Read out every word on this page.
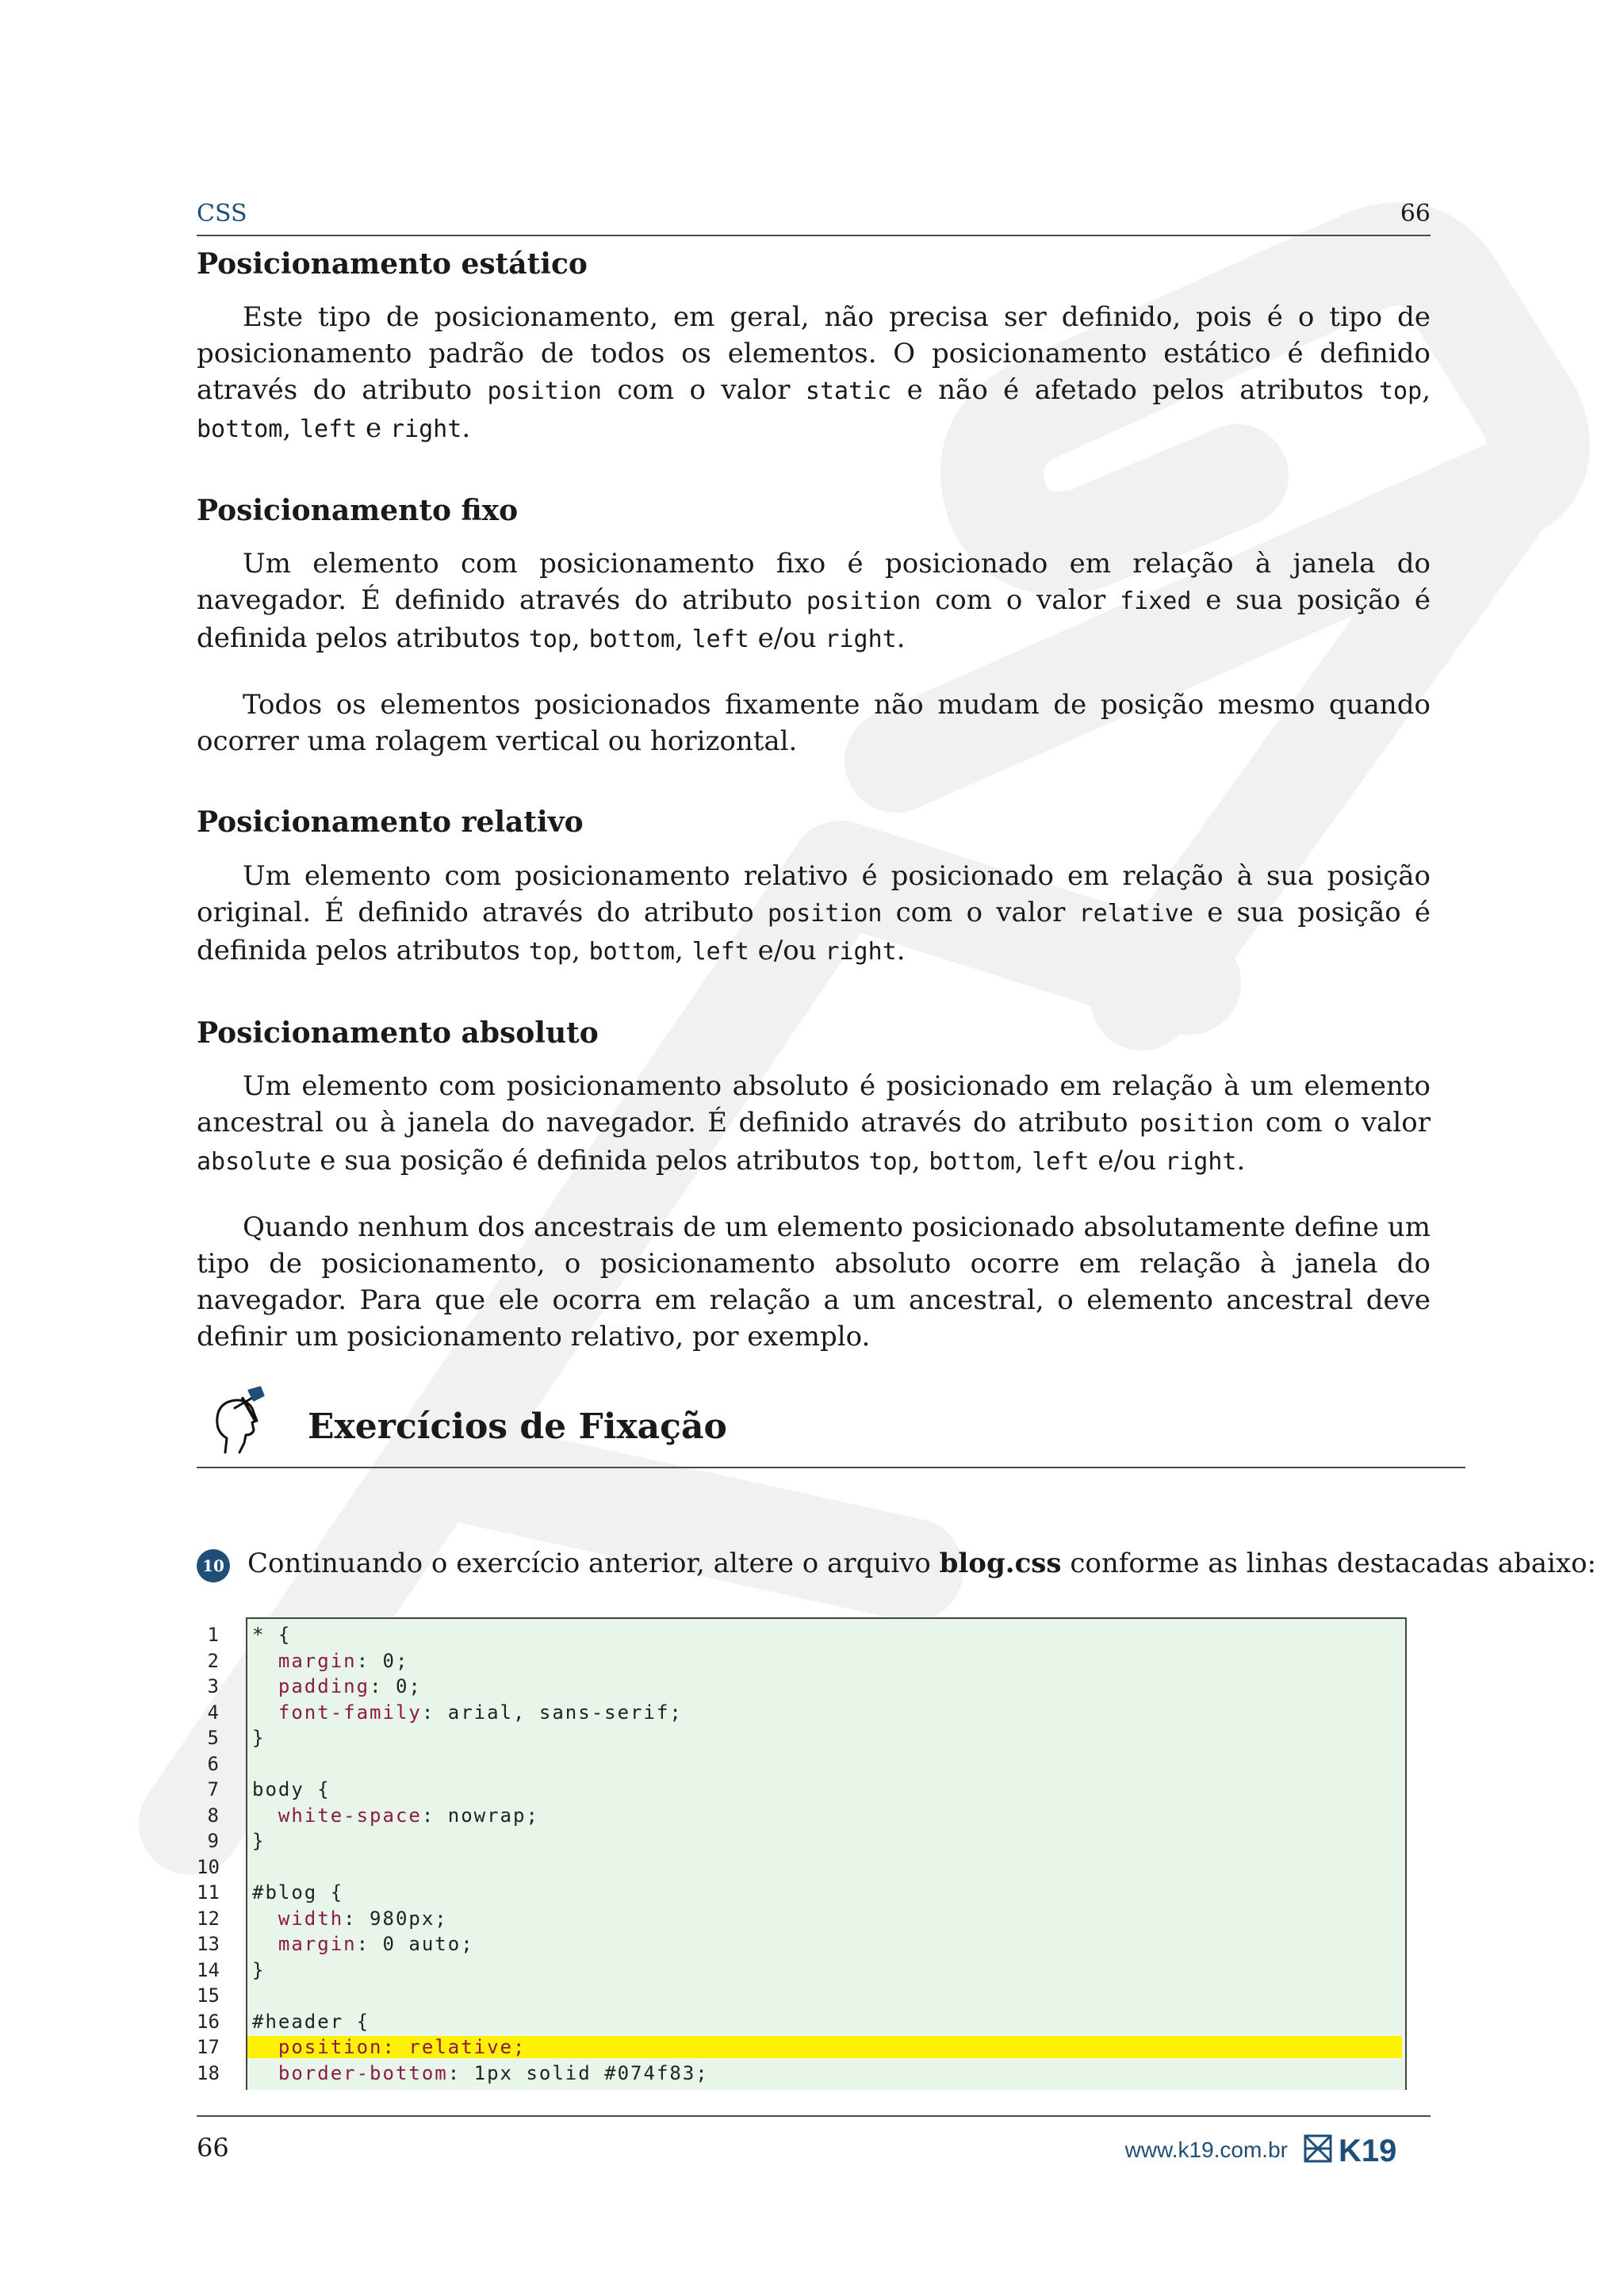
CSS	66
Posicionamento estático

Este tipo de posicionamento, em geral, não precisa ser definido, pois é o tipo de posicionamento padrão de todos os elementos. O posicionamento estático é definido através do atributo position com o valor static e não é afetado pelos atributos top, bottom, left e right.

Posicionamento fixo

Um elemento com posicionamento fixo é posicionado em relação à janela do navegador. É definido através do atributo position com o valor fixed e sua posição é definida pelos atributos top, bottom, left e/ou right.

Todos os elementos posicionados fixamente não mudam de posição mesmo quando ocorrer uma rolagem vertical ou horizontal.

Posicionamento relativo

Um elemento com posicionamento relativo é posicionado em relação à sua posição original. É definido através do atributo position com o valor relative e sua posição é definida pelos atributos top, bottom, left e/ou right.

Posicionamento absoluto

Um elemento com posicionamento absoluto é posicionado em relação à um elemento ancestral ou à janela do navegador. É definido através do atributo position com o valor absolute e sua posição é definida pelos atributos top, bottom, left e/ou right.

Quando nenhum dos ancestrais de um elemento posicionado absolutamente define um tipo de posicionamento, o posicionamento absoluto ocorre em relação à janela do navegador. Para que ele ocorra em relação a um ancestral, o elemento ancestral deve definir um posicionamento relativo, por exemplo.

Exercícios de Fixação
10 Continuando o exercício anterior, altere o arquivo blog.css conforme as linhas destacadas abaixo:
1 * {
2	margin: 0;
3	padding: 0;
4	font-family: arial, sans-serif;
5 }
6
7 body {
8	white-space: nowrap;
9 }
10
11 #blog {
12	width: 980px;
13	margin: 0 auto;
14 }
15
16 #header {
17	position: relative;
18	border-bottom: 1px solid #074f83;
66	www.k19.com.br K19
